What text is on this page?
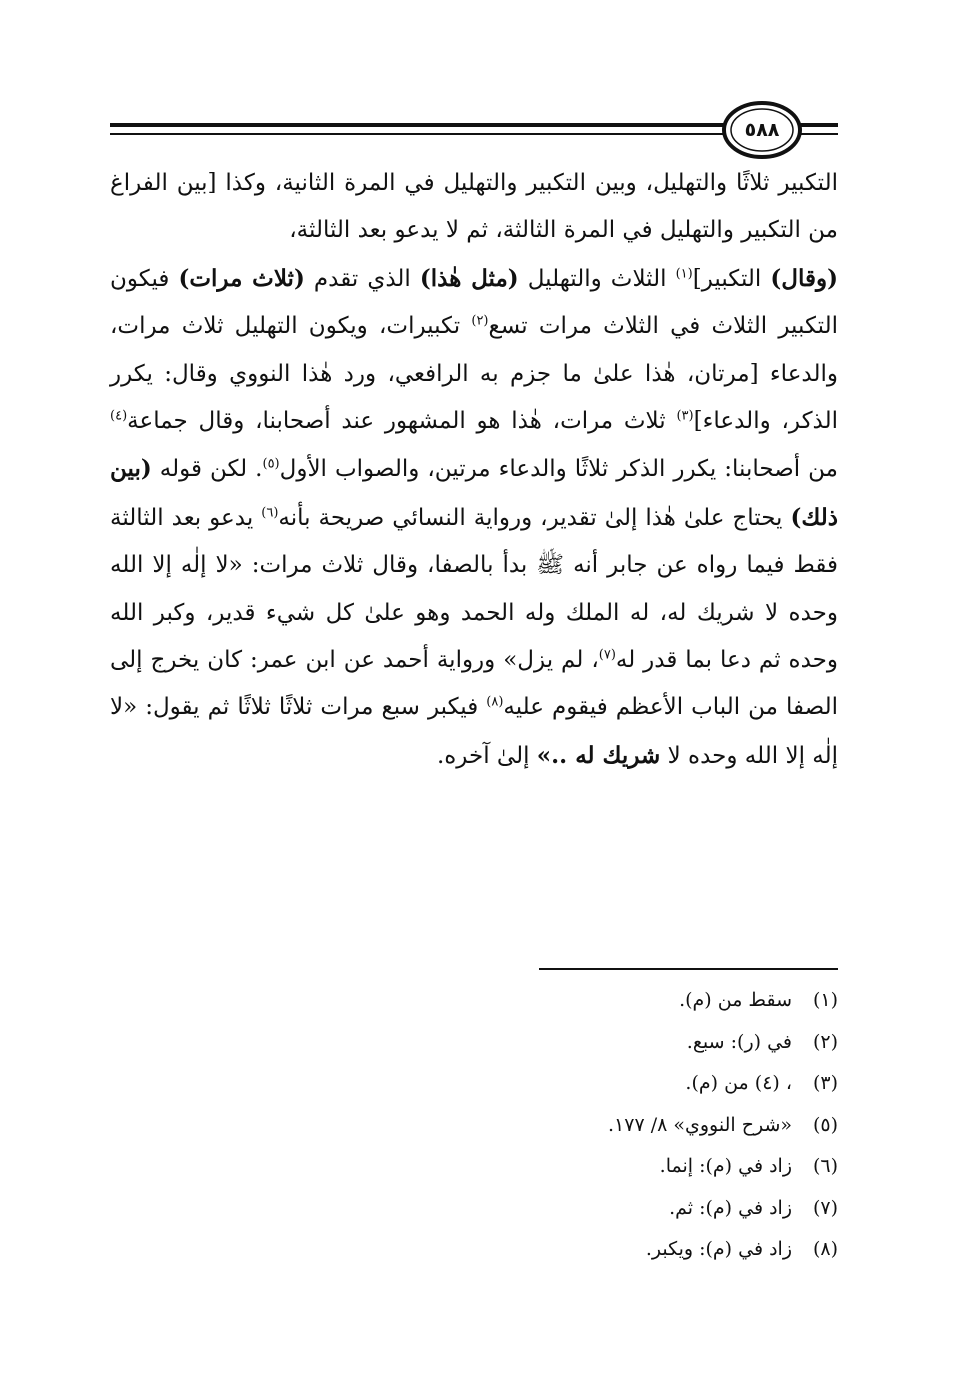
٥٨٨
التكبير ثلاثًا والتهليل، وبين التكبير والتهليل في المرة الثانية، وكذا [بين الفراغ من التكبير والتهليل في المرة الثالثة، ثم لا يدعو بعد الثالثة،
(وقال) التكبير]$^{(١)}$ الثلاث والتهليل (مثل هٰذا) الذي تقدم (ثلاث مرات) فيكون التكبير الثلاث في الثلاث مرات تسع$^{(٢)}$ تكبيرات، ويكون التهليل ثلاث مرات، والدعاء [مرتان، هٰذا علىٰ ما جزم به الرافعي، ورد هٰذا النووي وقال: يكرر الذكر، والدعاء]$^{(٣)}$ ثلاث مرات، هٰذا هو المشهور عند أصحابنا، وقال جماعة$^{(٤)}$ من أصحابنا: يكرر الذكر ثلاثًا والدعاء مرتين، والصواب الأول$^{(٥)}$. لكن قوله (بين ذلك) يحتاج علىٰ هٰذا إلىٰ تقدير، ورواية النسائي صريحة بأنه$^{(٦)}$ يدعو بعد الثالثة فقط فيما رواه عن جابر أنه ﷺ بدأ بالصفا، وقال ثلاث مرات: «لا إلٰه إلا الله وحده لا شريك له، له الملك وله الحمد وهو علىٰ كل شيء قدير، وكبر الله وحده ثم دعا بما قدر له$^{(٧)}$، لم يزل» ورواية أحمد عن ابن عمر: كان يخرج إلى الصفا من الباب الأعظم فيقوم عليه$^{(٨)}$ فيكبر سبع مرات ثلاثًا ثلاثًا ثم يقول: «لا إلٰه إلا الله وحده لا شريك له ..» إلىٰ آخره.
(١)سقط من (م).
(٢)في (ر): سبع.
(٣)، (٤) من (م).
(٥)«شرح النووي» ٨/ ١٧٧.
(٦)زاد في (م): إنما.
(٧)زاد في (م): ثم.
(٨)زاد في (م): ويكبر.
